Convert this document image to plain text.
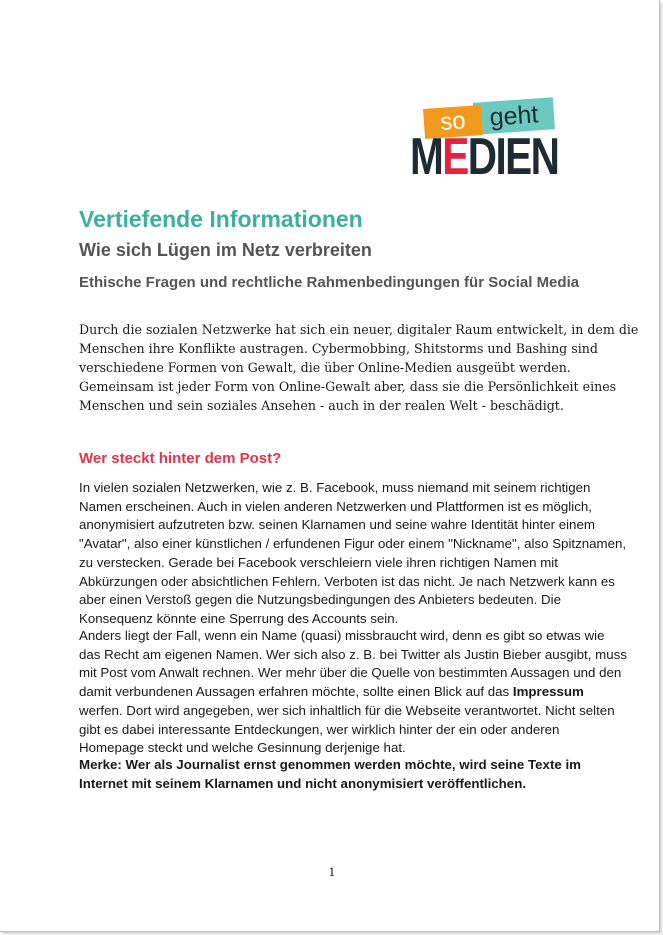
geht
so
MEDIEN
Vertiefende Informationen
Wie sich Lügen im Netz verbreiten
Ethische Fragen und rechtliche Rahmenbedingungen für Social Media

Durch die sozialen Netzwerke hat sich ein neuer, digitaler Raum entwickelt, in dem die
Menschen ihre Konflikte austragen. Cybermobbing, Shitstorms und Bashing sind
verschiedene Formen von Gewalt, die über Online-Medien ausgeübt werden.
Gemeinsam ist jeder Form von Online-Gewalt aber, dass sie die Persönlichkeit eines
Menschen und sein soziales Ansehen - auch in der realen Welt - beschädigt.

Wer steckt hinter dem Post?

In vielen sozialen Netzwerken, wie z. B. Facebook, muss niemand mit seinem richtigen
Namen erscheinen. Auch in vielen anderen Netzwerken und Plattformen ist es möglich,
anonymisiert aufzutreten bzw. seinen Klarnamen und seine wahre Identität hinter einem
"Avatar", also einer künstlichen / erfundenen Figur oder einem "Nickname", also Spitznamen,
zu verstecken. Gerade bei Facebook verschleiern viele ihren richtigen Namen mit
Abkürzungen oder absichtlichen Fehlern. Verboten ist das nicht. Je nach Netzwerk kann es
aber einen Verstoß gegen die Nutzungsbedingungen des Anbieters bedeuten. Die
Konsequenz könnte eine Sperrung des Accounts sein.

Anders liegt der Fall, wenn ein Name (quasi) missbraucht wird, denn es gibt so etwas wie
das Recht am eigenen Namen. Wer sich also z. B. bei Twitter als Justin Bieber ausgibt, muss
mit Post vom Anwalt rechnen. Wer mehr über die Quelle von bestimmten Aussagen und den
damit verbundenen Aussagen erfahren möchte, sollte einen Blick auf das Impressum
werfen. Dort wird angegeben, wer sich inhaltlich für die Webseite verantwortet. Nicht selten
gibt es dabei interessante Entdeckungen, wer wirklich hinter der ein oder anderen
Homepage steckt und welche Gesinnung derjenige hat.

Merke: Wer als Journalist ernst genommen werden möchte, wird seine Texte im
Internet mit seinem Klarnamen und nicht anonymisiert veröffentlichen.

1
